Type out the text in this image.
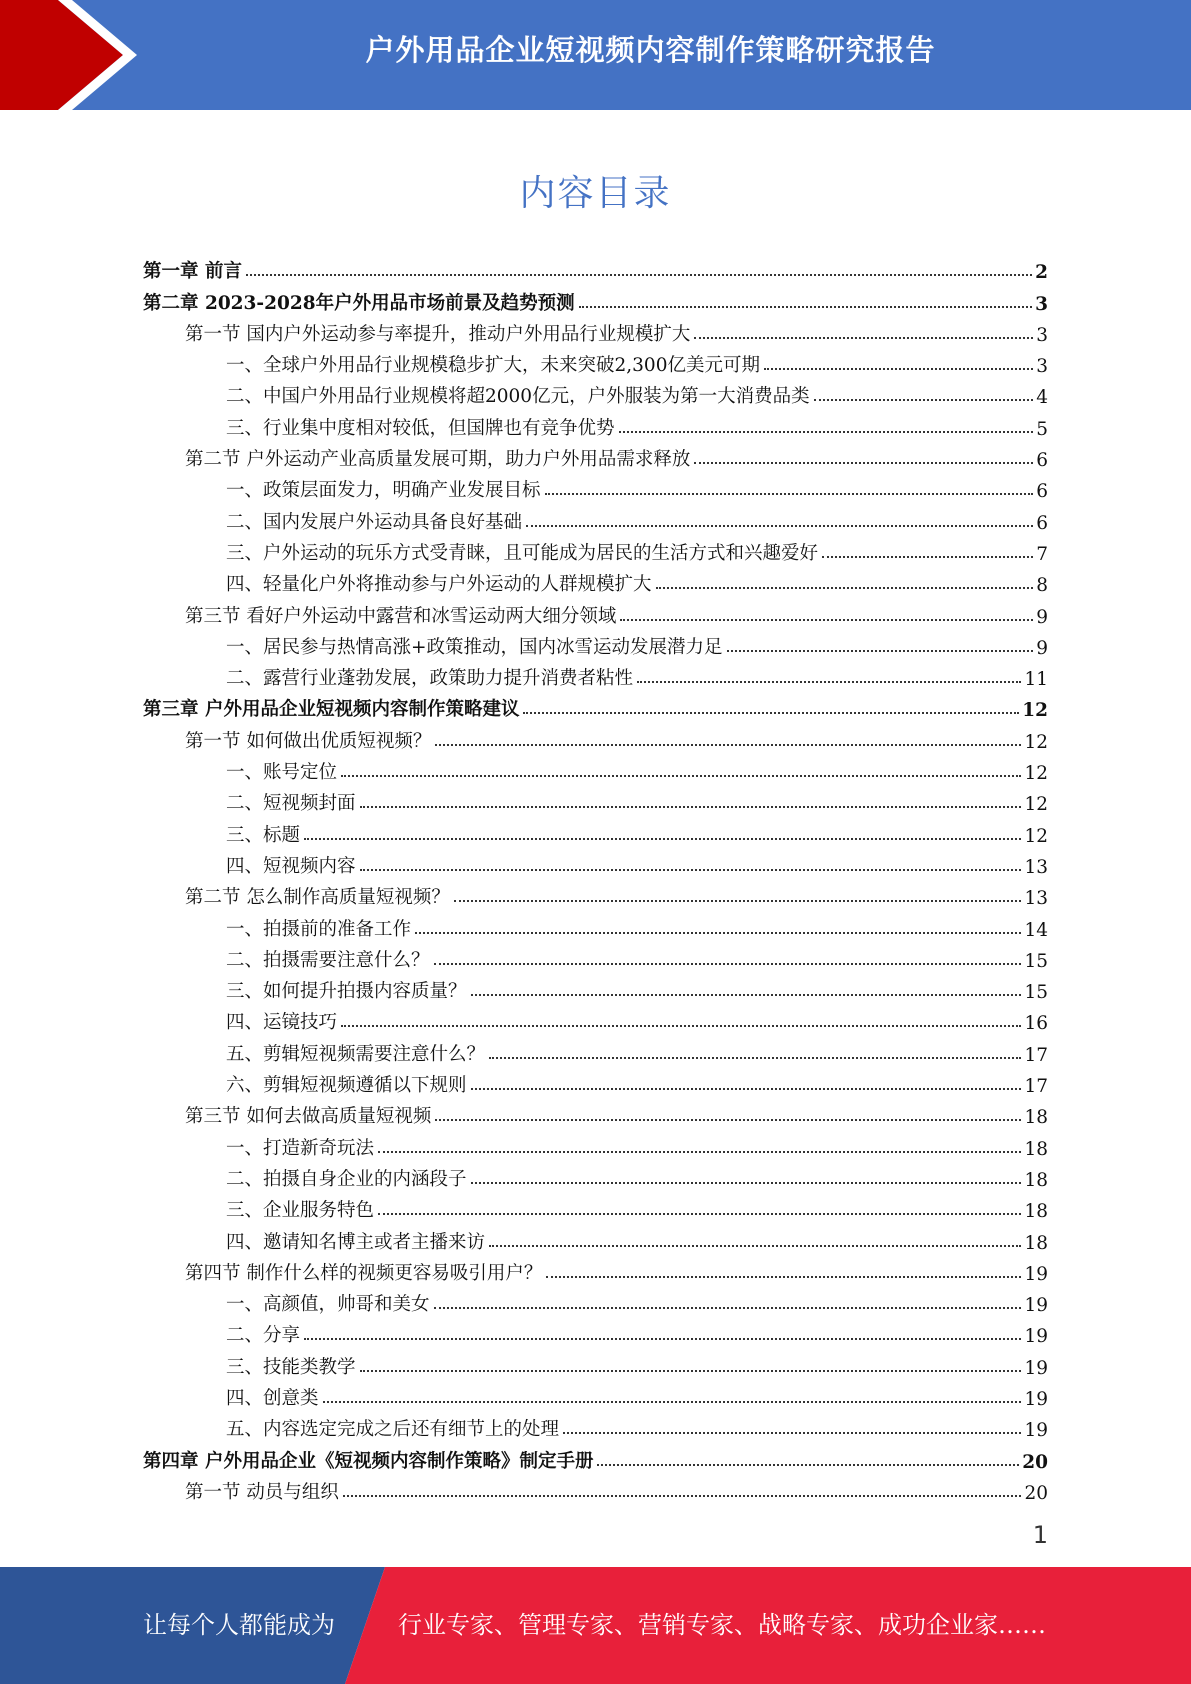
户外用品企业短视频内容制作策略研究报告
内容目录
第一章 前言	2
第二章 2023-2028年户外用品市场前景及趋势预测	3
第一节 国内户外运动参与率提升，推动户外用品行业规模扩大	3
一、全球户外用品行业规模稳步扩大，未来突破2,300亿美元可期	3
二、中国户外用品行业规模将超2000亿元，户外服装为第一大消费品类	4
三、行业集中度相对较低，但国牌也有竞争优势	5
第二节 户外运动产业高质量发展可期，助力户外用品需求释放	6
一、政策层面发力，明确产业发展目标	6
二、国内发展户外运动具备良好基础	6
三、户外运动的玩乐方式受青睐，且可能成为居民的生活方式和兴趣爱好	7
四、轻量化户外将推动参与户外运动的人群规模扩大	8
第三节 看好户外运动中露营和冰雪运动两大细分领域	9
一、居民参与热情高涨+政策推动，国内冰雪运动发展潜力足	9
二、露营行业蓬勃发展，政策助力提升消费者粘性	11
第三章 户外用品企业短视频内容制作策略建议	12
第一节 如何做出优质短视频？	12
一、账号定位	12
二、短视频封面	12
三、标题	12
四、短视频内容	13
第二节 怎么制作高质量短视频？	13
一、拍摄前的准备工作	14
二、拍摄需要注意什么？	15
三、如何提升拍摄内容质量？	15
四、运镜技巧	16
五、剪辑短视频需要注意什么？	17
六、剪辑短视频遵循以下规则	17
第三节 如何去做高质量短视频	18
一、打造新奇玩法	18
二、拍摄自身企业的内涵段子	18
三、企业服务特色	18
四、邀请知名博主或者主播来访	18
第四节 制作什么样的视频更容易吸引用户？	19
一、高颜值，帅哥和美女	19
二、分享	19
三、技能类教学	19
四、创意类	19
五、内容选定完成之后还有细节上的处理	19
第四章 户外用品企业《短视频内容制作策略》制定手册	20
第一节 动员与组织	20
1
让每个人都能成为	行业专家、管理专家、营销专家、战略专家、成功企业家……
